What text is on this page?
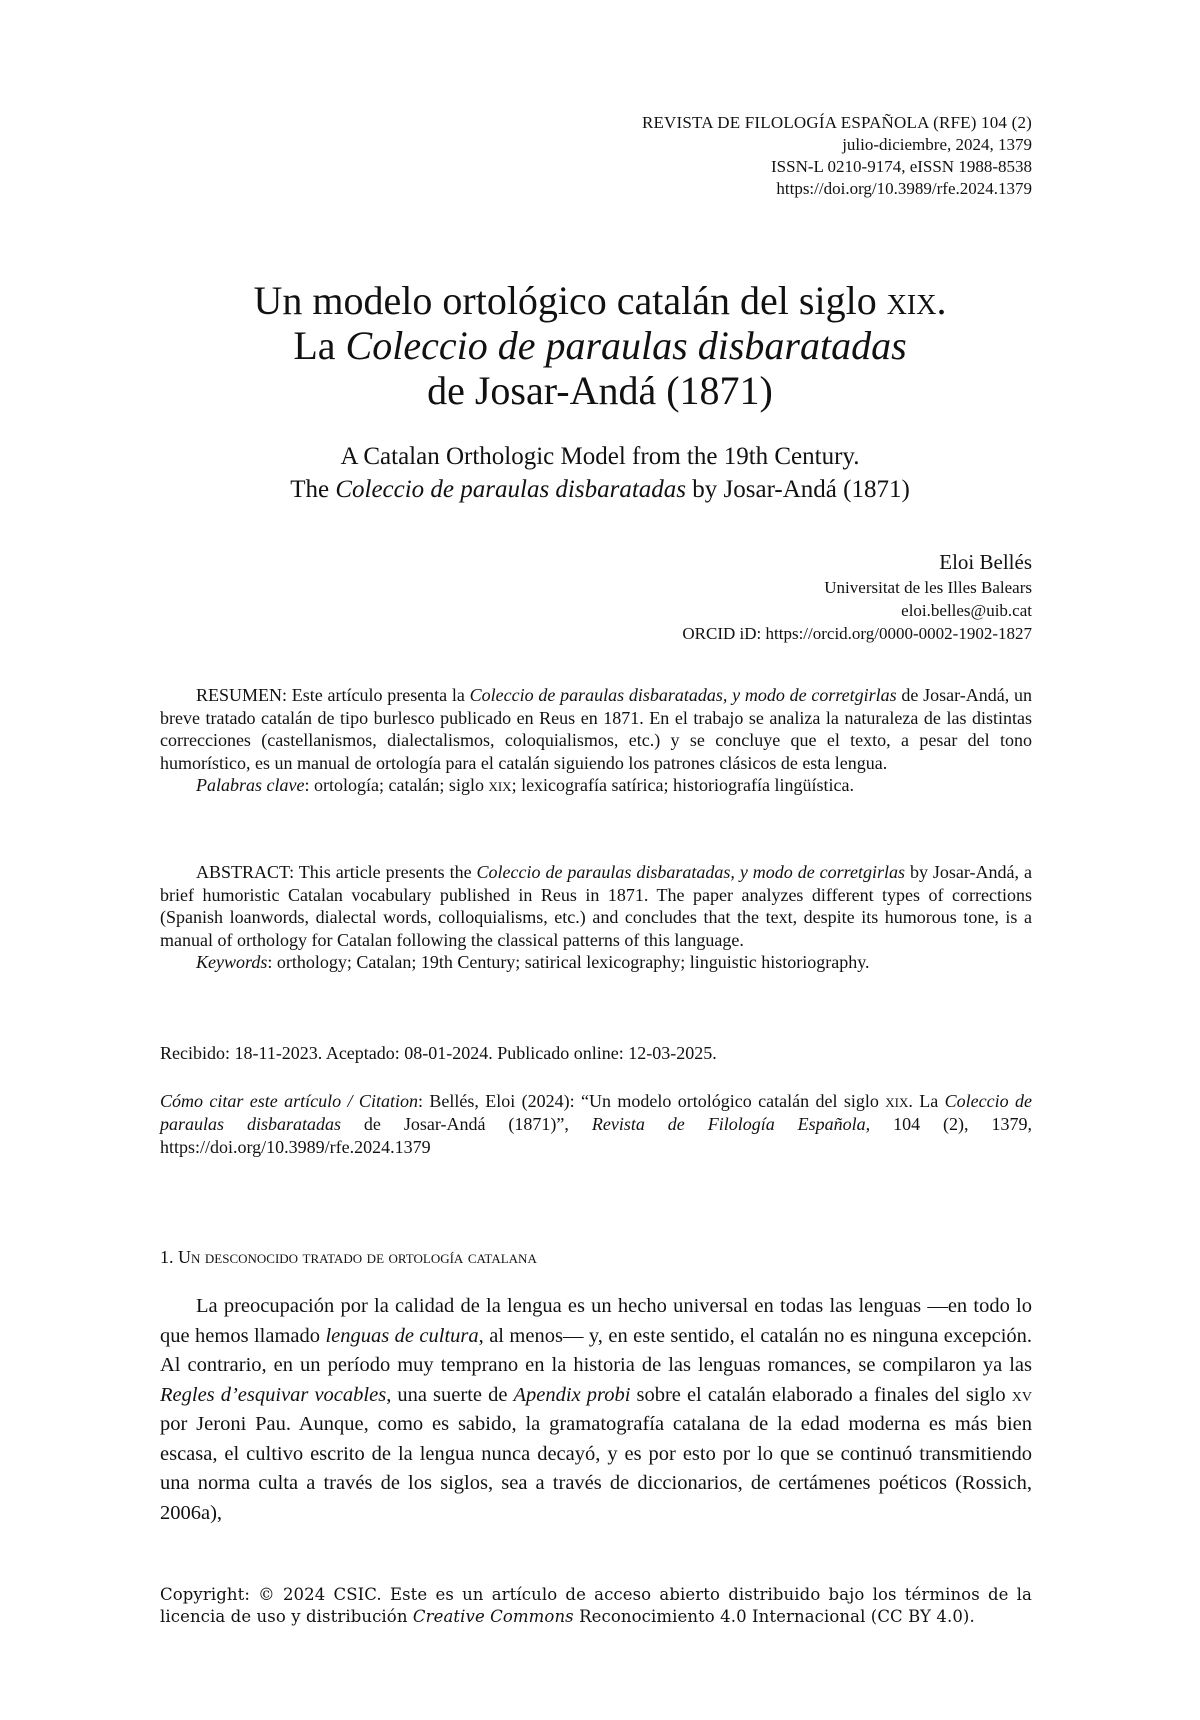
REVISTA DE FILOLOGÍA ESPAÑOLA (RFE) 104 (2)
julio-diciembre, 2024, 1379
ISSN-L 0210-9174, eISSN 1988-8538
https://doi.org/10.3989/rfe.2024.1379
Un modelo ortológico catalán del siglo xix.
La Coleccio de paraulas disbaratadas
de Josar-Andá (1871)
A Catalan Orthologic Model from the 19th Century.
The Coleccio de paraulas disbaratadas by Josar-Andá (1871)
Eloi Bellés
Universitat de les Illes Balears
eloi.belles@uib.cat
ORCID iD: https://orcid.org/0000-0002-1902-1827

RESUMEN: Este artículo presenta la Coleccio de paraulas disbaratadas, y modo de corretgirlas de Josar-Andá, un breve tratado catalán de tipo burlesco publicado en Reus en 1871. En el trabajo se analiza la naturaleza de las distintas correcciones (castellanismos, dialectalismos, coloquialismos, etc.) y se concluye que el texto, a pesar del tono humorístico, es un manual de ortología para el catalán siguiendo los patrones clásicos de esta lengua.

Palabras clave: ortología; catalán; siglo xix; lexicografía satírica; historiografía lingüística.

ABSTRACT: This article presents the Coleccio de paraulas disbaratadas, y modo de corretgirlas by Josar-Andá, a brief humoristic Catalan vocabulary published in Reus in 1871. The paper analyzes different types of corrections (Spanish loanwords, dialectal words, colloquialisms, etc.) and concludes that the text, despite its humorous tone, is a manual of orthology for Catalan following the classical patterns of this language.

Keywords: orthology; Catalan; 19th Century; satirical lexicography; linguistic historiography.

Recibido: 18-11-2023. Aceptado: 08-01-2024. Publicado online: 12-03-2025.

Cómo citar este artículo / Citation: Bellés, Eloi (2024): “Un modelo ortológico catalán del siglo xix. La Coleccio de paraulas disbaratadas de Josar-Andá (1871)”, Revista de Filología Española, 104 (2), 1379, https://doi.org/10.3989/rfe.2024.1379

1. Un desconocido tratado de ortología catalana

La preocupación por la calidad de la lengua es un hecho universal en todas las lenguas —en todo lo que hemos llamado lenguas de cultura, al menos— y, en este sentido, el catalán no es ninguna excepción. Al contrario, en un período muy temprano en la historia de las lenguas romances, se compilaron ya las Regles d’esquivar vocables, una suerte de Apendix probi sobre el catalán elaborado a finales del siglo xv por Jeroni Pau. Aunque, como es sabido, la gramatografía catalana de la edad moderna es más bien escasa, el cultivo escrito de la lengua nunca decayó, y es por esto por lo que se continuó transmitiendo una norma culta a través de los siglos, sea a través de diccionarios, de certámenes poéticos (Rossich, 2006a),

Copyright: © 2024 CSIC. Este es un artículo de acceso abierto distribuido bajo los términos de la licencia de uso y distribución Creative Commons Reconocimiento 4.0 Internacional (CC BY 4.0).
